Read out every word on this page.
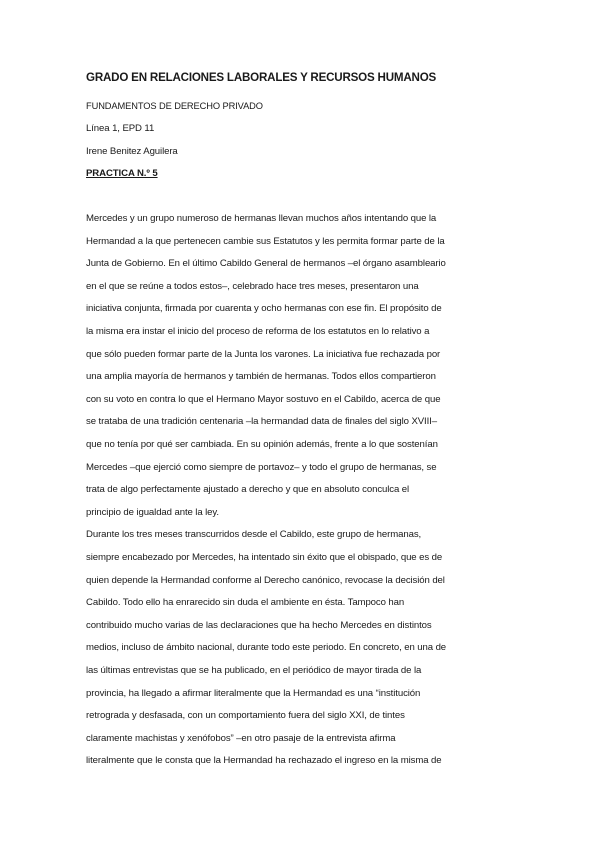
GRADO EN RELACIONES LABORALES Y RECURSOS HUMANOS
FUNDAMENTOS DE DERECHO PRIVADO
Línea 1, EPD 11
Irene Benitez Aguilera
PRACTICA N.º 5
Mercedes y un grupo numeroso de hermanas llevan muchos años intentando que la
Hermandad a la que pertenecen cambie sus Estatutos y les permita formar parte de la
Junta de Gobierno. En el último Cabildo General de hermanos –el órgano asambleario
en el que se reúne a todos estos–, celebrado hace tres meses, presentaron una
iniciativa conjunta, firmada por cuarenta y ocho hermanas con ese fin. El propósito de
la misma era instar el inicio del proceso de reforma de los estatutos en lo relativo a
que sólo pueden formar parte de la Junta los varones. La iniciativa fue rechazada por
una amplia mayoría de hermanos y también de hermanas. Todos ellos compartieron
con su voto en contra lo que el Hermano Mayor sostuvo en el Cabildo, acerca de que
se trataba de una tradición centenaria –la hermandad data de finales del siglo XVIII–
que no tenía por qué ser cambiada. En su opinión además, frente a lo que sostenían
Mercedes –que ejerció como siempre de portavoz– y todo el grupo de hermanas, se
trata de algo perfectamente ajustado a derecho y que en absoluto conculca el
principio de igualdad ante la ley.
Durante los tres meses transcurridos desde el Cabildo, este grupo de hermanas,
siempre encabezado por Mercedes, ha intentado sin éxito que el obispado, que es de
quien depende la Hermandad conforme al Derecho canónico, revocase la decisión del
Cabildo. Todo ello ha enrarecido sin duda el ambiente en ésta. Tampoco han
contribuido mucho varias de las declaraciones que ha hecho Mercedes en distintos
medios, incluso de ámbito nacional, durante todo este periodo. En concreto, en una de
las últimas entrevistas que se ha publicado, en el periódico de mayor tirada de la
provincia, ha llegado a afirmar literalmente que la Hermandad es una “institución
retrograda y desfasada, con un comportamiento fuera del siglo XXI, de tintes
claramente machistas y xenófobos” –en otro pasaje de la entrevista afirma
literalmente que le consta que la Hermandad ha rechazado el ingreso en la misma de
